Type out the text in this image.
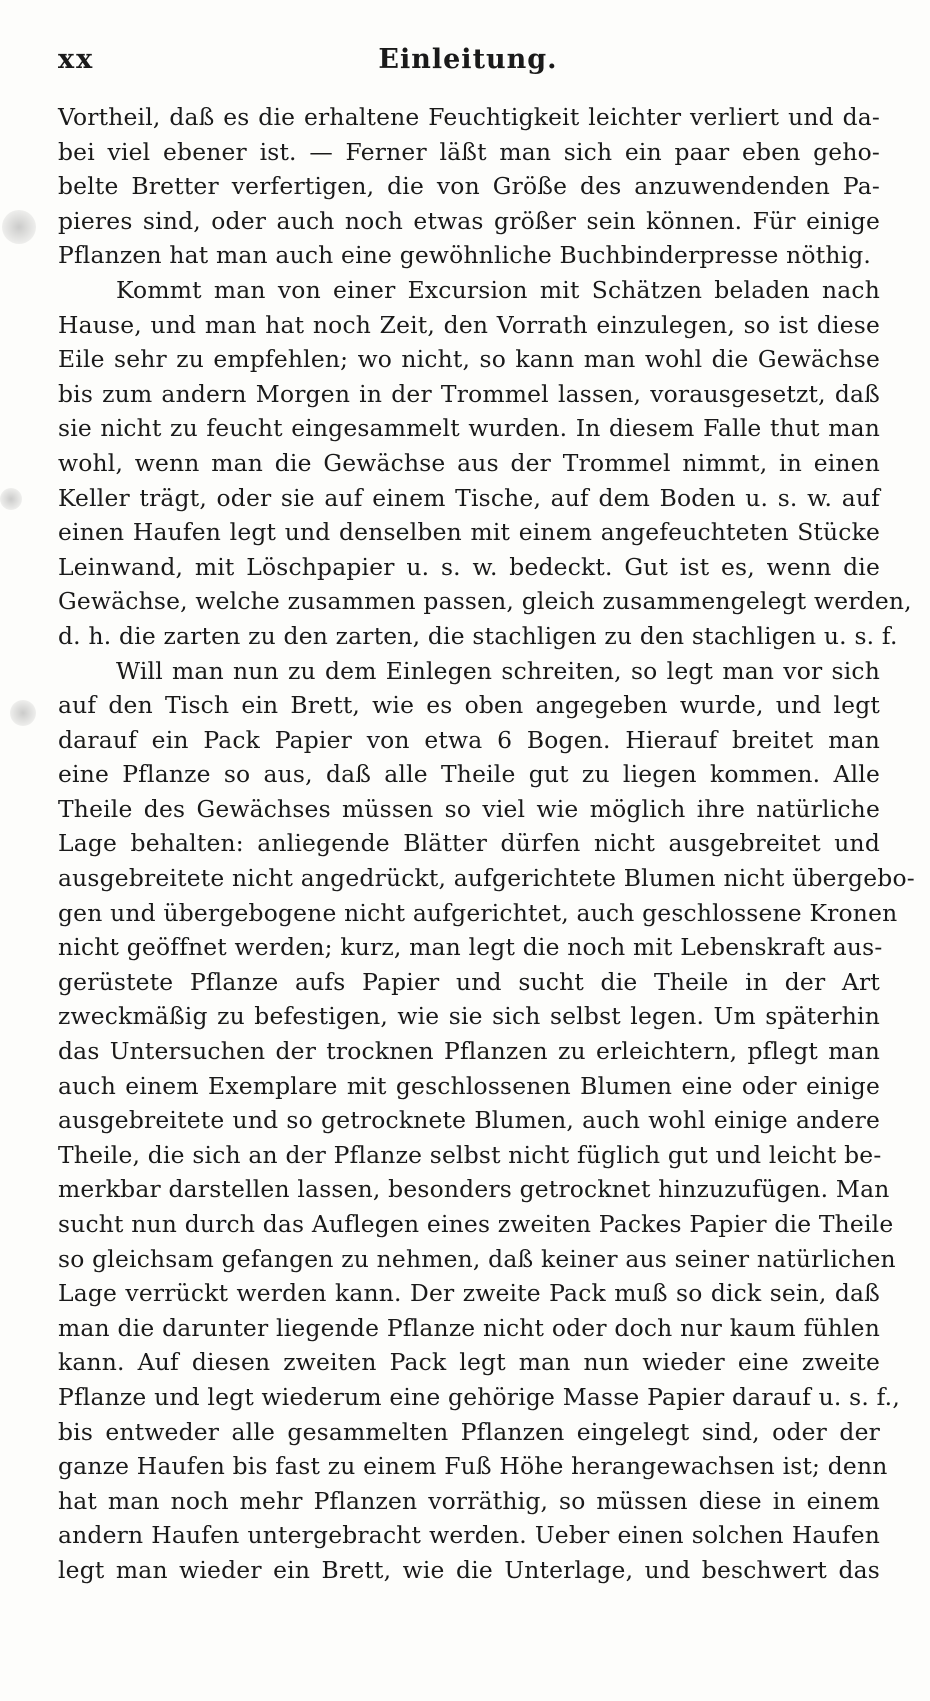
Einleitung.
xx
Vortheil, daß es die erhaltene Feuchtigkeit leichter verliert und da-
bei viel ebener ist. — Ferner läßt man sich ein paar eben geho-
belte Bretter verfertigen, die von Größe des anzuwendenden Pa-
pieres sind, oder auch noch etwas größer sein können. Für einige
Pflanzen hat man auch eine gewöhnliche Buchbinderpresse nöthig.
Kommt man von einer Excursion mit Schätzen beladen nach
Hause, und man hat noch Zeit, den Vorrath einzulegen, so ist diese
Eile sehr zu empfehlen; wo nicht, so kann man wohl die Gewächse
bis zum andern Morgen in der Trommel lassen, vorausgesetzt, daß
sie nicht zu feucht eingesammelt wurden. In diesem Falle thut man
wohl, wenn man die Gewächse aus der Trommel nimmt, in einen
Keller trägt, oder sie auf einem Tische, auf dem Boden u. s. w. auf
einen Haufen legt und denselben mit einem angefeuchteten Stücke
Leinwand, mit Löschpapier u. s. w. bedeckt. Gut ist es, wenn die
Gewächse, welche zusammen passen, gleich zusammengelegt werden,
d. h. die zarten zu den zarten, die stachligen zu den stachligen u. s. f.
Will man nun zu dem Einlegen schreiten, so legt man vor sich
auf den Tisch ein Brett, wie es oben angegeben wurde, und legt
darauf ein Pack Papier von etwa 6 Bogen. Hierauf breitet man
eine Pflanze so aus, daß alle Theile gut zu liegen kommen. Alle
Theile des Gewächses müssen so viel wie möglich ihre natürliche
Lage behalten: anliegende Blätter dürfen nicht ausgebreitet und
ausgebreitete nicht angedrückt, aufgerichtete Blumen nicht übergebo-
gen und übergebogene nicht aufgerichtet, auch geschlossene Kronen
nicht geöffnet werden; kurz, man legt die noch mit Lebenskraft aus-
gerüstete Pflanze aufs Papier und sucht die Theile in der Art
zweckmäßig zu befestigen, wie sie sich selbst legen. Um späterhin
das Untersuchen der trocknen Pflanzen zu erleichtern, pflegt man
auch einem Exemplare mit geschlossenen Blumen eine oder einige
ausgebreitete und so getrocknete Blumen, auch wohl einige andere
Theile, die sich an der Pflanze selbst nicht füglich gut und leicht be-
merkbar darstellen lassen, besonders getrocknet hinzuzufügen. Man
sucht nun durch das Auflegen eines zweiten Packes Papier die Theile
so gleichsam gefangen zu nehmen, daß keiner aus seiner natürlichen
Lage verrückt werden kann. Der zweite Pack muß so dick sein, daß
man die darunter liegende Pflanze nicht oder doch nur kaum fühlen
kann. Auf diesen zweiten Pack legt man nun wieder eine zweite
Pflanze und legt wiederum eine gehörige Masse Papier darauf u. s. f.,
bis entweder alle gesammelten Pflanzen eingelegt sind, oder der
ganze Haufen bis fast zu einem Fuß Höhe herangewachsen ist; denn
hat man noch mehr Pflanzen vorräthig, so müssen diese in einem
andern Haufen untergebracht werden. Ueber einen solchen Haufen
legt man wieder ein Brett, wie die Unterlage, und beschwert das
